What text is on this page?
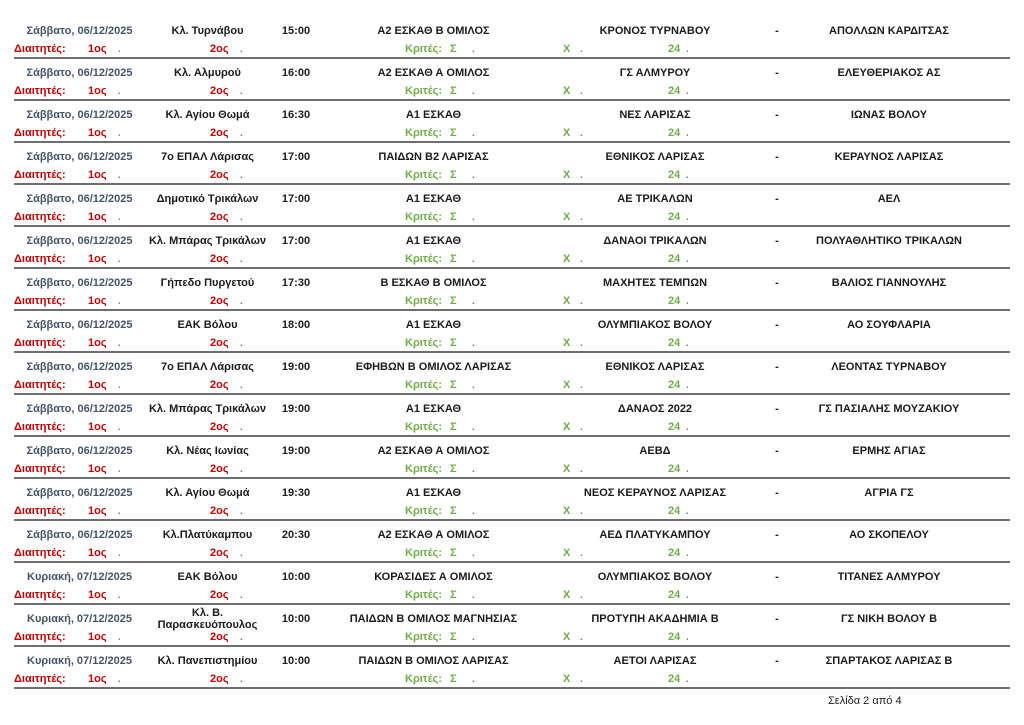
Σάββατο, 06/12/2025	Κλ. Τυρνάβου	15:00	Α2 ΕΣΚΑΘ Β ΟΜΙΛΟΣ	ΚΡΟΝΟΣ ΤΥΡΝΑΒΟΥ	-	ΑΠΟΛΛΩΝ ΚΑΡΔΙΤΣΑΣ
Διαιτητές: 1ος .	2ος .	Κριτές: Σ .	Χ .	24 .
Σάββατο, 06/12/2025	Κλ. Αλμυρού	16:00	Α2 ΕΣΚΑΘ Α ΟΜΙΛΟΣ	ΓΣ ΑΛΜΥΡΟΥ	-	ΕΛΕΥΘΕΡΙΑΚΟΣ ΑΣ
Διαιτητές: 1ος .	2ος .	Κριτές: Σ .	Χ .	24 .
Σάββατο, 06/12/2025	Κλ. Αγίου Θωμά	16:30	Α1 ΕΣΚΑΘ	ΝΕΣ ΛΑΡΙΣΑΣ	-	ΙΩΝΑΣ ΒΟΛΟΥ
Διαιτητές: 1ος .	2ος .	Κριτές: Σ .	Χ .	24 .
Σάββατο, 06/12/2025	7ο ΕΠΑΛ Λάρισας	17:00	ΠΑΙΔΩΝ Β2 ΛΑΡΙΣΑΣ	ΕΘΝΙΚΟΣ ΛΑΡΙΣΑΣ	-	ΚΕΡΑΥΝΟΣ ΛΑΡΙΣΑΣ
Διαιτητές: 1ος .	2ος .	Κριτές: Σ .	Χ .	24 .
Σάββατο, 06/12/2025	Δημοτικό Τρικάλων	17:00	Α1 ΕΣΚΑΘ	ΑΕ ΤΡΙΚΑΛΩΝ	-	ΑΕΛ
Διαιτητές: 1ος .	2ος .	Κριτές: Σ .	Χ .	24 .
Σάββατο, 06/12/2025	Κλ. Μπάρας Τρικάλων	17:00	Α1 ΕΣΚΑΘ	ΔΑΝΑΟΙ ΤΡΙΚΑΛΩΝ	-	ΠΟΛΥΑΘΛΗΤΙΚΟ ΤΡΙΚΑΛΩΝ
Διαιτητές: 1ος .	2ος .	Κριτές: Σ .	Χ .	24 .
Σάββατο, 06/12/2025	Γήπεδο Πυργετού	17:30	Β ΕΣΚΑΘ Β ΟΜΙΛΟΣ	ΜΑΧΗΤΕΣ ΤΕΜΠΩΝ	-	ΒΑΛΙΟΣ ΓΙΑΝΝΟΥΛΗΣ
Διαιτητές: 1ος .	2ος .	Κριτές: Σ .	Χ .	24 .
Σάββατο, 06/12/2025	ΕΑΚ Βόλου	18:00	Α1 ΕΣΚΑΘ	ΟΛΥΜΠΙΑΚΟΣ ΒΟΛΟΥ	-	ΑΟ ΣΟΥΦΛΑΡΙΑ
Διαιτητές: 1ος .	2ος .	Κριτές: Σ .	Χ .	24 .
Σάββατο, 06/12/2025	7ο ΕΠΑΛ Λάρισας	19:00	ΕΦΗΒΩΝ Β ΟΜΙΛΟΣ ΛΑΡΙΣΑΣ	ΕΘΝΙΚΟΣ ΛΑΡΙΣΑΣ	-	ΛΕΟΝΤΑΣ ΤΥΡΝΑΒΟΥ
Διαιτητές: 1ος .	2ος .	Κριτές: Σ .	Χ .	24 .
Σάββατο, 06/12/2025	Κλ. Μπάρας Τρικάλων	19:00	Α1 ΕΣΚΑΘ	ΔΑΝΑΟΣ 2022	-	ΓΣ ΠΑΣΙΑΛΗΣ ΜΟΥΖΑΚΙΟΥ
Διαιτητές: 1ος .	2ος .	Κριτές: Σ .	Χ .	24 .
Σάββατο, 06/12/2025	Κλ. Νέας Ιωνίας	19:00	Α2 ΕΣΚΑΘ Α ΟΜΙΛΟΣ	ΑΕΒΔ	-	ΕΡΜΗΣ ΑΓΙΑΣ
Διαιτητές: 1ος .	2ος .	Κριτές: Σ .	Χ .	24 .
Σάββατο, 06/12/2025	Κλ. Αγίου Θωμά	19:30	Α1 ΕΣΚΑΘ	ΝΕΟΣ ΚΕΡΑΥΝΟΣ ΛΑΡΙΣΑΣ	-	ΑΓΡΙΑ ΓΣ
Διαιτητές: 1ος .	2ος .	Κριτές: Σ .	Χ .	24 .
Σάββατο, 06/12/2025	Κλ.Πλατύκαμπου	20:30	Α2 ΕΣΚΑΘ Α ΟΜΙΛΟΣ	ΑΕΔ ΠΛΑΤΥΚΑΜΠΟΥ	-	ΑΟ ΣΚΟΠΕΛΟΥ
Διαιτητές: 1ος .	2ος .	Κριτές: Σ .	Χ .	24 .
Κυριακή, 07/12/2025	ΕΑΚ Βόλου	10:00	ΚΟΡΑΣΙΔΕΣ Α ΟΜΙΛΟΣ	ΟΛΥΜΠΙΑΚΟΣ ΒΟΛΟΥ	-	ΤΙΤΑΝΕΣ ΑΛΜΥΡΟΥ
Διαιτητές: 1ος .	2ος .	Κριτές: Σ .	Χ .	24 .
Κυριακή, 07/12/2025	Κλ. Β. Παρασκευόπουλος	10:00	ΠΑΙΔΩΝ Β ΟΜΙΛΟΣ ΜΑΓΝΗΣΙΑΣ	ΠΡΟΤΥΠΗ ΑΚΑΔΗΜΙΑ Β	-	ΓΣ ΝΙΚΗ ΒΟΛΟΥ Β
Διαιτητές: 1ος .	2ος .	Κριτές: Σ .	Χ .	24 .
Κυριακή, 07/12/2025	Κλ. Πανεπιστημίου	10:00	ΠΑΙΔΩΝ Β ΟΜΙΛΟΣ ΛΑΡΙΣΑΣ	ΑΕΤΟΙ ΛΑΡΙΣΑΣ	-	ΣΠΑΡΤΑΚΟΣ ΛΑΡΙΣΑΣ Β
Διαιτητές: 1ος .	2ος .	Κριτές: Σ .	Χ .	24 .
Σελίδα 2 από 4
